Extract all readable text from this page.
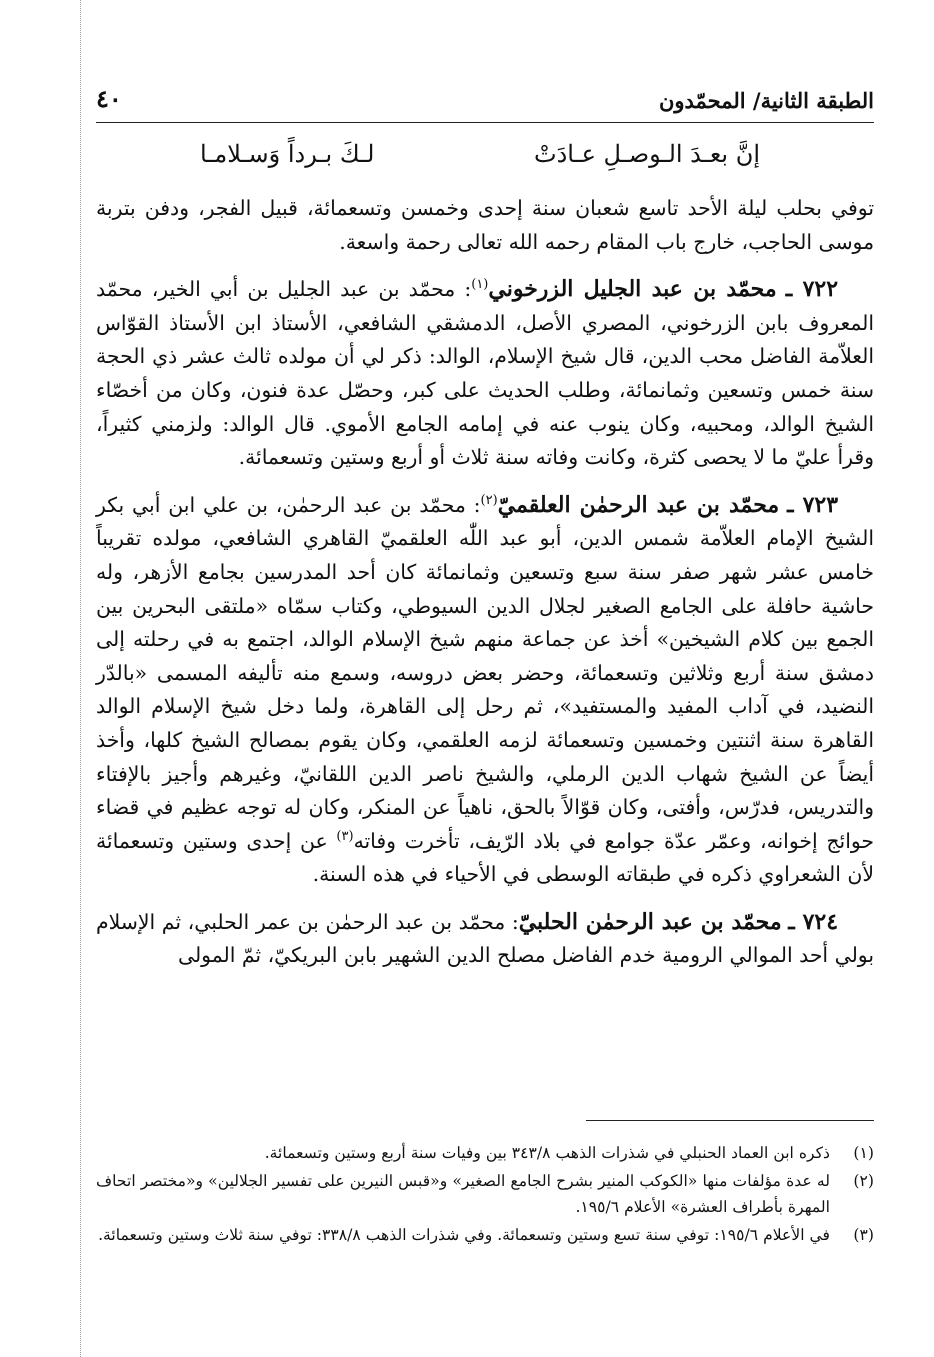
الطبقة الثانية/ المحمّدون
٤٠
إنَّ بعـدَ الـوصـلِ عـادَتْ
لـكَ بـرداً وَسـلامـا

توفي بحلب ليلة الأحد تاسع شعبان سنة إحدى وخمسن وتسعمائة، قبيل الفجر، ودفن بتربة موسى الحاجب، خارج باب المقام رحمه الله تعالى رحمة واسعة.

٧٢٢ ـ محمّد بن عبد الجليل الزرخوني$^{(١)}$: محمّد بن عبد الجليل بن أبي الخير، محمّد المعروف بابن الزرخوني، المصري الأصل، الدمشقي الشافعي، الأستاذ ابن الأستاذ القوّاس العلاّمة الفاضل محب الدين، قال شيخ الإسلام، الوالد: ذكر لي أن مولده ثالث عشر ذي الحجة سنة خمس وتسعين وثمانمائة، وطلب الحديث على كبر، وحصّل عدة فنون، وكان من أخصّاء الشيخ الوالد، ومحبيه، وكان ينوب عنه في إمامه الجامع الأموي. قال الوالد: ولزمني كثيراً، وقرأ عليّ ما لا يحصى كثرة، وكانت وفاته سنة ثلاث أو أربع وستين وتسعمائة.

٧٢٣ ـ محمّد بن عبد الرحمٰن العلقميّ$^{(٢)}$: محمّد بن عبد الرحمٰن، بن علي ابن أبي بكر الشيخ الإمام العلاّمة شمس الدين، أبو عبد اللّٰه العلقميّ القاهري الشافعي، مولده تقريباً خامس عشر شهر صفر سنة سبع وتسعين وثمانمائة كان أحد المدرسين بجامع الأزهر، وله حاشية حافلة على الجامع الصغير لجلال الدين السيوطي، وكتاب سمّاه «ملتقى البحرين بين الجمع بين كلام الشيخين» أخذ عن جماعة منهم شيخ الإسلام الوالد، اجتمع به في رحلته إلى دمشق سنة أربع وثلاثين وتسعمائة، وحضر بعض دروسه، وسمع منه تأليفه المسمى «بالدّر النضيد، في آداب المفيد والمستفيد»، ثم رحل إلى القاهرة، ولما دخل شيخ الإسلام الوالد القاهرة سنة اثنتين وخمسين وتسعمائة لزمه العلقمي، وكان يقوم بمصالح الشيخ كلها، وأخذ أيضاً عن الشيخ شهاب الدين الرملي، والشيخ ناصر الدين اللقانيّ، وغيرهم وأجيز بالإفتاء والتدريس، فدرّس، وأفتى، وكان قوّالاً بالحق، ناهياً عن المنكر، وكان له توجه عظيم في قضاء حوائج إخوانه، وعمّر عدّة جوامع في بلاد الرّيف، تأخرت وفاته$^{(٣)}$ عن إحدى وستين وتسعمائة لأن الشعراوي ذكره في طبقاته الوسطى في الأحياء في هذه السنة.

٧٢٤ ـ محمّد بن عبد الرحمٰن الحلبيّ: محمّد بن عبد الرحمٰن بن عمر الحلبي، ثم الإسلام بولي أحد الموالي الرومية خدم الفاضل مصلح الدين الشهير بابن البريكيّ، ثمّ المولى

(١)
ذكره ابن العماد الحنبلي في شذرات الذهب ٣٤٣/٨ بين وفيات سنة أربع وستين وتسعمائة.
(٢)
له عدة مؤلفات منها «الكوكب المنير بشرح الجامع الصغير» و«قبس النيرين على تفسير الجلالين» و«مختصر اتحاف المهرة بأطراف العشرة» الأعلام ١٩٥/٦.
(٣)
في الأعلام ١٩٥/٦: توفي سنة تسع وستين وتسعمائة. وفي شذرات الذهب ٣٣٨/٨: توفي سنة ثلاث وستين وتسعمائة.
